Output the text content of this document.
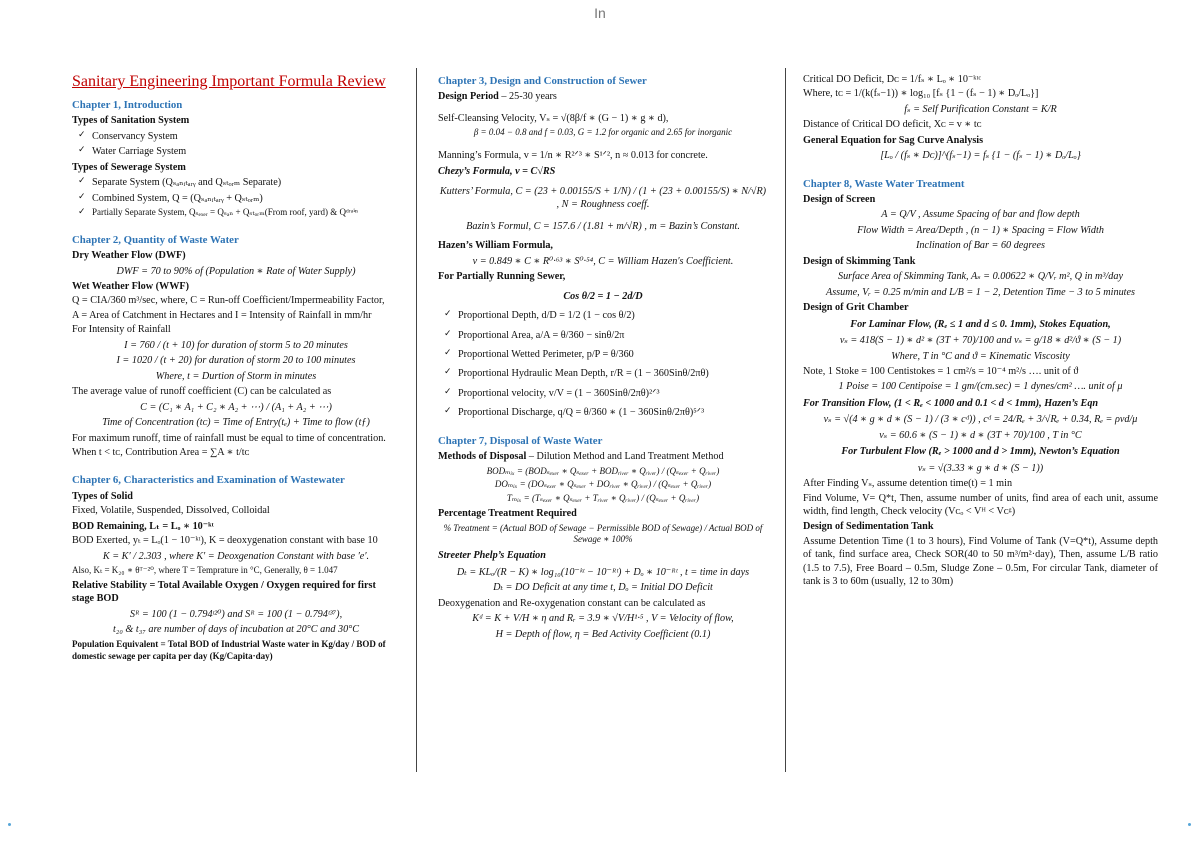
In
Sanitary Engineering Important Formula Review
Chapter 1, Introduction
Types of Sanitation System
✓ Conservancy System
✓ Water Carriage System
Types of Sewerage System
✓ Separate System (Qₛₐₙᵢₜₐᵣᵧ and Qₛₜₒᵣₘ Separate)
✓ Combined System, Q = (Qₛₐₙᵢₜₐᵣᵧ + Qₛₜₒᵣₘ)
✓ Partially Separate System, Qₛₑₓₑᵣ = Qₛₐₙ + Qₛₜₒᵣₘ(From roof, yard) & Qᵈʳᵃⁱⁿ
Chapter 2, Quantity of Waste Water
Dry Weather Flow (DWF)
DWF = 70 to 90% of (Population ∗ Rate of Water Supply)
Wet Weather Flow (WWF)
Q = CIA/360 m³/sec, where, C = Run-off Coefficient/Impermeability Factor,
A = Area of Catchment in Hectares and I = Intensity of Rainfall in mm/hr
For Intensity of Rainfall
I = 760 / (t + 10) for duration of storm 5 to 20 minutes
I = 1020 / (t + 20) for duration of storm 20 to 100 minutes
Where, t = Durtion of Storm in minutes
The average value of runoff coefficient (C) can be calculated as
C = (C₁ ∗ A₁ + C₂ ∗ A₂ + ⋯) / (A₁ + A₂ + ⋯)
Time of Concentration (tᴄ) = Time of Entry(tₑ) + Time to flow (tƒ)
For maximum runoff, time of rainfall must be equal to time of concentration.
When t < tᴄ, Contribution Area = ∑A ∗ t/tᴄ
Chapter 6, Characteristics and Examination of Wastewater
Types of Solid
Fixed, Volatile, Suspended, Dissolved, Colloidal
BOD Remaining, Lₜ = Lₒ ∗ 10⁻ᵏᵗ
BOD Exerted, yₜ = Lₒ(1 − 10⁻ᵏᵗ), K = deoxygenation constant with base 10
K = K′ / 2.303 , where K′ = Deoxgenation Constant with base ′e′.
Also, Kₜ = K₂₀ ∗ θᵀ⁻²⁰, where T = Temprature in °C, Generally, θ = 1.047
Relative Stability = Total Available Oxygen / Oxygen required for first stage BOD
Sᴿ = 100 (1 − 0.794ᵗ²⁰) and Sᴿ = 100 (1 − 0.794ᵗ³⁷),
t₂₀ & t₃₇ are number of days of incubation at 20°C and 30°C
Population Equivalent = Total BOD of Industrial Waste water in Kg/day / BOD of domestic sewage per capita per day (Kg/Capita·day)
Chapter 3, Design and Construction of Sewer
Design Period – 25-30 years
Self-Cleansing Velocity, Vₛ = √(8β/f ∗ (G − 1) ∗ g ∗ d),
β = 0.04 − 0.8 and f = 0.03, G = 1.2 for organic and 2.65 for inorganic
Manning’s Formula, v = 1/n ∗ R²ᐟ³ ∗ S¹ᐟ², n ≈ 0.013 for concrete.
Chezy’s Formula, v = C√RS
Kutters’ Formula, C = (23 + 0.00155/S + 1/N) / (1 + (23 + 0.00155/S) ∗ N/√R) , N = Roughness coeff.
Bazin’s Formul, C = 157.6 / (1.81 + m/√R) , m = Bazin’s Constant.
Hazen’s William Formula,
v = 0.849 ∗ C ∗ R⁰·⁶³ ∗ S⁰·⁵⁴, C = William Hazen′s Coefficient.
For Partially Running Sewer,
Cos θ/2 = 1 − 2d/D
✓ Proportional Depth, d/D = 1/2 (1 − cos θ/2)
✓ Proportional Area, a/A = θ/360 − sinθ/2π
✓ Proportional Wetted Perimeter, p/P = θ/360
✓ Proportional Hydraulic Mean Depth, r/R = (1 − 360Sinθ/2πθ)
✓ Proportional velocity, v/V = (1 − 360Sinθ/2πθ)²ᐟ³
✓ Proportional Discharge, q/Q = θ/360 ∗ (1 − 360Sinθ/2πθ)⁵ᐟ³
Chapter 7, Disposal of Waste Water
Methods of Disposal – Dilution Method and Land Treatment Method
BODₘᵢₓ = (BODₛₑₓₑᵣ ∗ Qₛₑₓₑᵣ + BODᵣᵢᵥₑᵣ ∗ Qᵣᵢᵥₑᵣ) / (Qₛₑₓₑᵣ + Qᵣᵢᵥₑᵣ)
DOₘᵢₓ = (DOₛₑₓₑᵣ ∗ Qₛₑₓₑᵣ + DOᵣᵢᵥₑᵣ ∗ Qᵣᵢᵥₑᵣ) / (Qₛₑₓₑᵣ + Qᵣᵢᵥₑᵣ)
Tₘᵢₓ = (Tₛₑₓₑᵣ ∗ Qₛₑₓₑᵣ + Tᵣᵢᵥₑᵣ ∗ Qᵣᵢᵥₑᵣ) / (Qₛₑₓₑᵣ + Qᵣᵢᵥₑᵣ)
Percentage Treatment Required
% Treatment = (Actual BOD of Sewage − Permissible BOD of Sewage) / Actual BOD of Sewage ∗ 100%
Streeter Phelp’s Equation
Dₜ = KLₒ/(R − K) ∗ log₁₀(10⁻ᵏᵗ − 10⁻ᴿᵗ) + Dₒ ∗ 10⁻ᴿᵗ , t = time in days
Dₜ = DO Deficit at any time t, Dₒ = Initial DO Deficit
Deoxygenation and Re-oxygenation constant can be calculated as
Kᵈ = K + V/H ∗ η and Rᵣ = 3.9 ∗ √V/H¹·⁵ , V = Velocity of flow,
H = Depth of flow, η = Bed Activity Coefficient (0.1)
Critical DO Deficit, Dᴄ = 1/fₛ ∗ Lₒ ∗ 10⁻ᵏᵗᶜ
Where, tᴄ = 1/(k(fₛ−1)) ∗ log₁₀ [fₛ {1 − (fₛ − 1) ∗ Dₒ/Lₒ}]
fₛ = Self Purification Constant = K/R
Distance of Critical DO deficit, Xᴄ = v ∗ tᴄ
General Equation for Sag Curve Analysis
[Lₒ / (fₛ ∗ Dᴄ)]^(fₛ−1) = fₛ {1 − (fₛ − 1) ∗ Dₒ/Lₒ}
Chapter 8, Waste Water Treatment
Design of Screen
A = Q/V , Assume Spacing of bar and flow depth
Flow Width = Area/Depth , (n − 1) ∗ Spacing = Flow Width
Inclination of Bar = 60 degrees
Design of Skimming Tank
Surface Area of Skimming Tank, Aₛ = 0.00622 ∗ Q/Vᵣ m², Q in m³/day
Assume, Vᵣ = 0.25 m/min and L/B = 1 − 2, Detention Time − 3 to 5 minutes
Design of Grit Chamber
For Laminar Flow, (Rₑ ≤ 1 and d ≤ 0. 1mm), Stokes Equation,
vₛ = 418(S − 1) ∗ d² ∗ (3T + 70)/100 and vₛ = g/18 ∗ d²/ϑ ∗ (S − 1)
Where, T in °C and ϑ = Kinematic Viscosity
Note, 1 Stoke = 100 Centistokes = 1 cm²/s = 10⁻⁴ m²/s …. unit of ϑ
1 Poise = 100 Centipoise = 1 gm/(cm.sec) = 1 dynes/cm² …. unit of μ
For Transition Flow, (1 < Rₑ < 1000 and 0.1 < d < 1mm), Hazen’s Eqn
vₛ = √(4 ∗ g ∗ d ∗ (S − 1) / (3 ∗ cᵈ)) , cᵈ = 24/Rₑ + 3/√Rₑ + 0.34, Rₑ = ρvd/μ
vₛ = 60.6 ∗ (S − 1) ∗ d ∗ (3T + 70)/100 , T in °C
For Turbulent Flow (Rₑ > 1000 and d > 1mm), Newton’s Equation
vₛ = √(3.33 ∗ g ∗ d ∗ (S − 1))
After Finding Vₛ, assume detention time(t) = 1 min
Find Volume, V= Q*t, Then, assume number of units, find area of each unit, assume width, find length, Check velocity (Vᴄₒ < Vᴴ < Vᴄᵍ)
Design of Sedimentation Tank
Assume Detention Time (1 to 3 hours), Find Volume of Tank (V=Q*t), Assume depth of tank, find surface area, Check SOR(40 to 50 m³/m²·day), Then, assume L/B ratio (1.5 to 7.5), Free Board – 0.5m, Sludge Zone – 0.5m, For circular Tank, diameter of tank is 3 to 60m (usually, 12 to 30m)
